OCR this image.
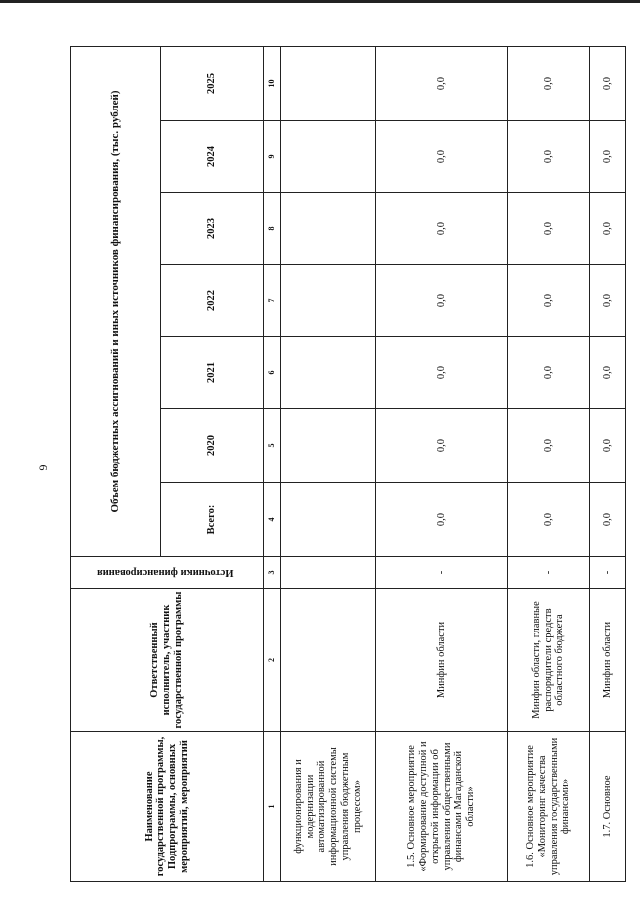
6
Наименование государственной программы, Подпрограммы, основных мероприятий, мероприятий	Ответственный исполнитель, участник государственной программы	Источники финансирования	Объем бюджетных ассигнований и иных источников финансирования, (тыс. рублей)						
			Всего:	2020	2021	2022	2023	2024	2025
1	2	3	4	5	6	7	8	9	10
функционирования и модернизации автоматизированной информационной системы управления бюджетным процессом»									
1.5. Основное мероприятие «Формирование доступной и открытой информации об управлении общественными финансами Магаданской области»	Минфин области	-	0,0	0,0	0,0	0,0	0,0	0,0	0,0
1.6. Основное мероприятие «Мониторинг качества управления государственными финансами»	Минфин области, главные распорядители средств областного бюджета	-	0,0	0,0	0,0	0,0	0,0	0,0	0,0
1.7. Основное	Минфин области	-	0,0	0,0	0,0	0,0	0,0	0,0	0,0
